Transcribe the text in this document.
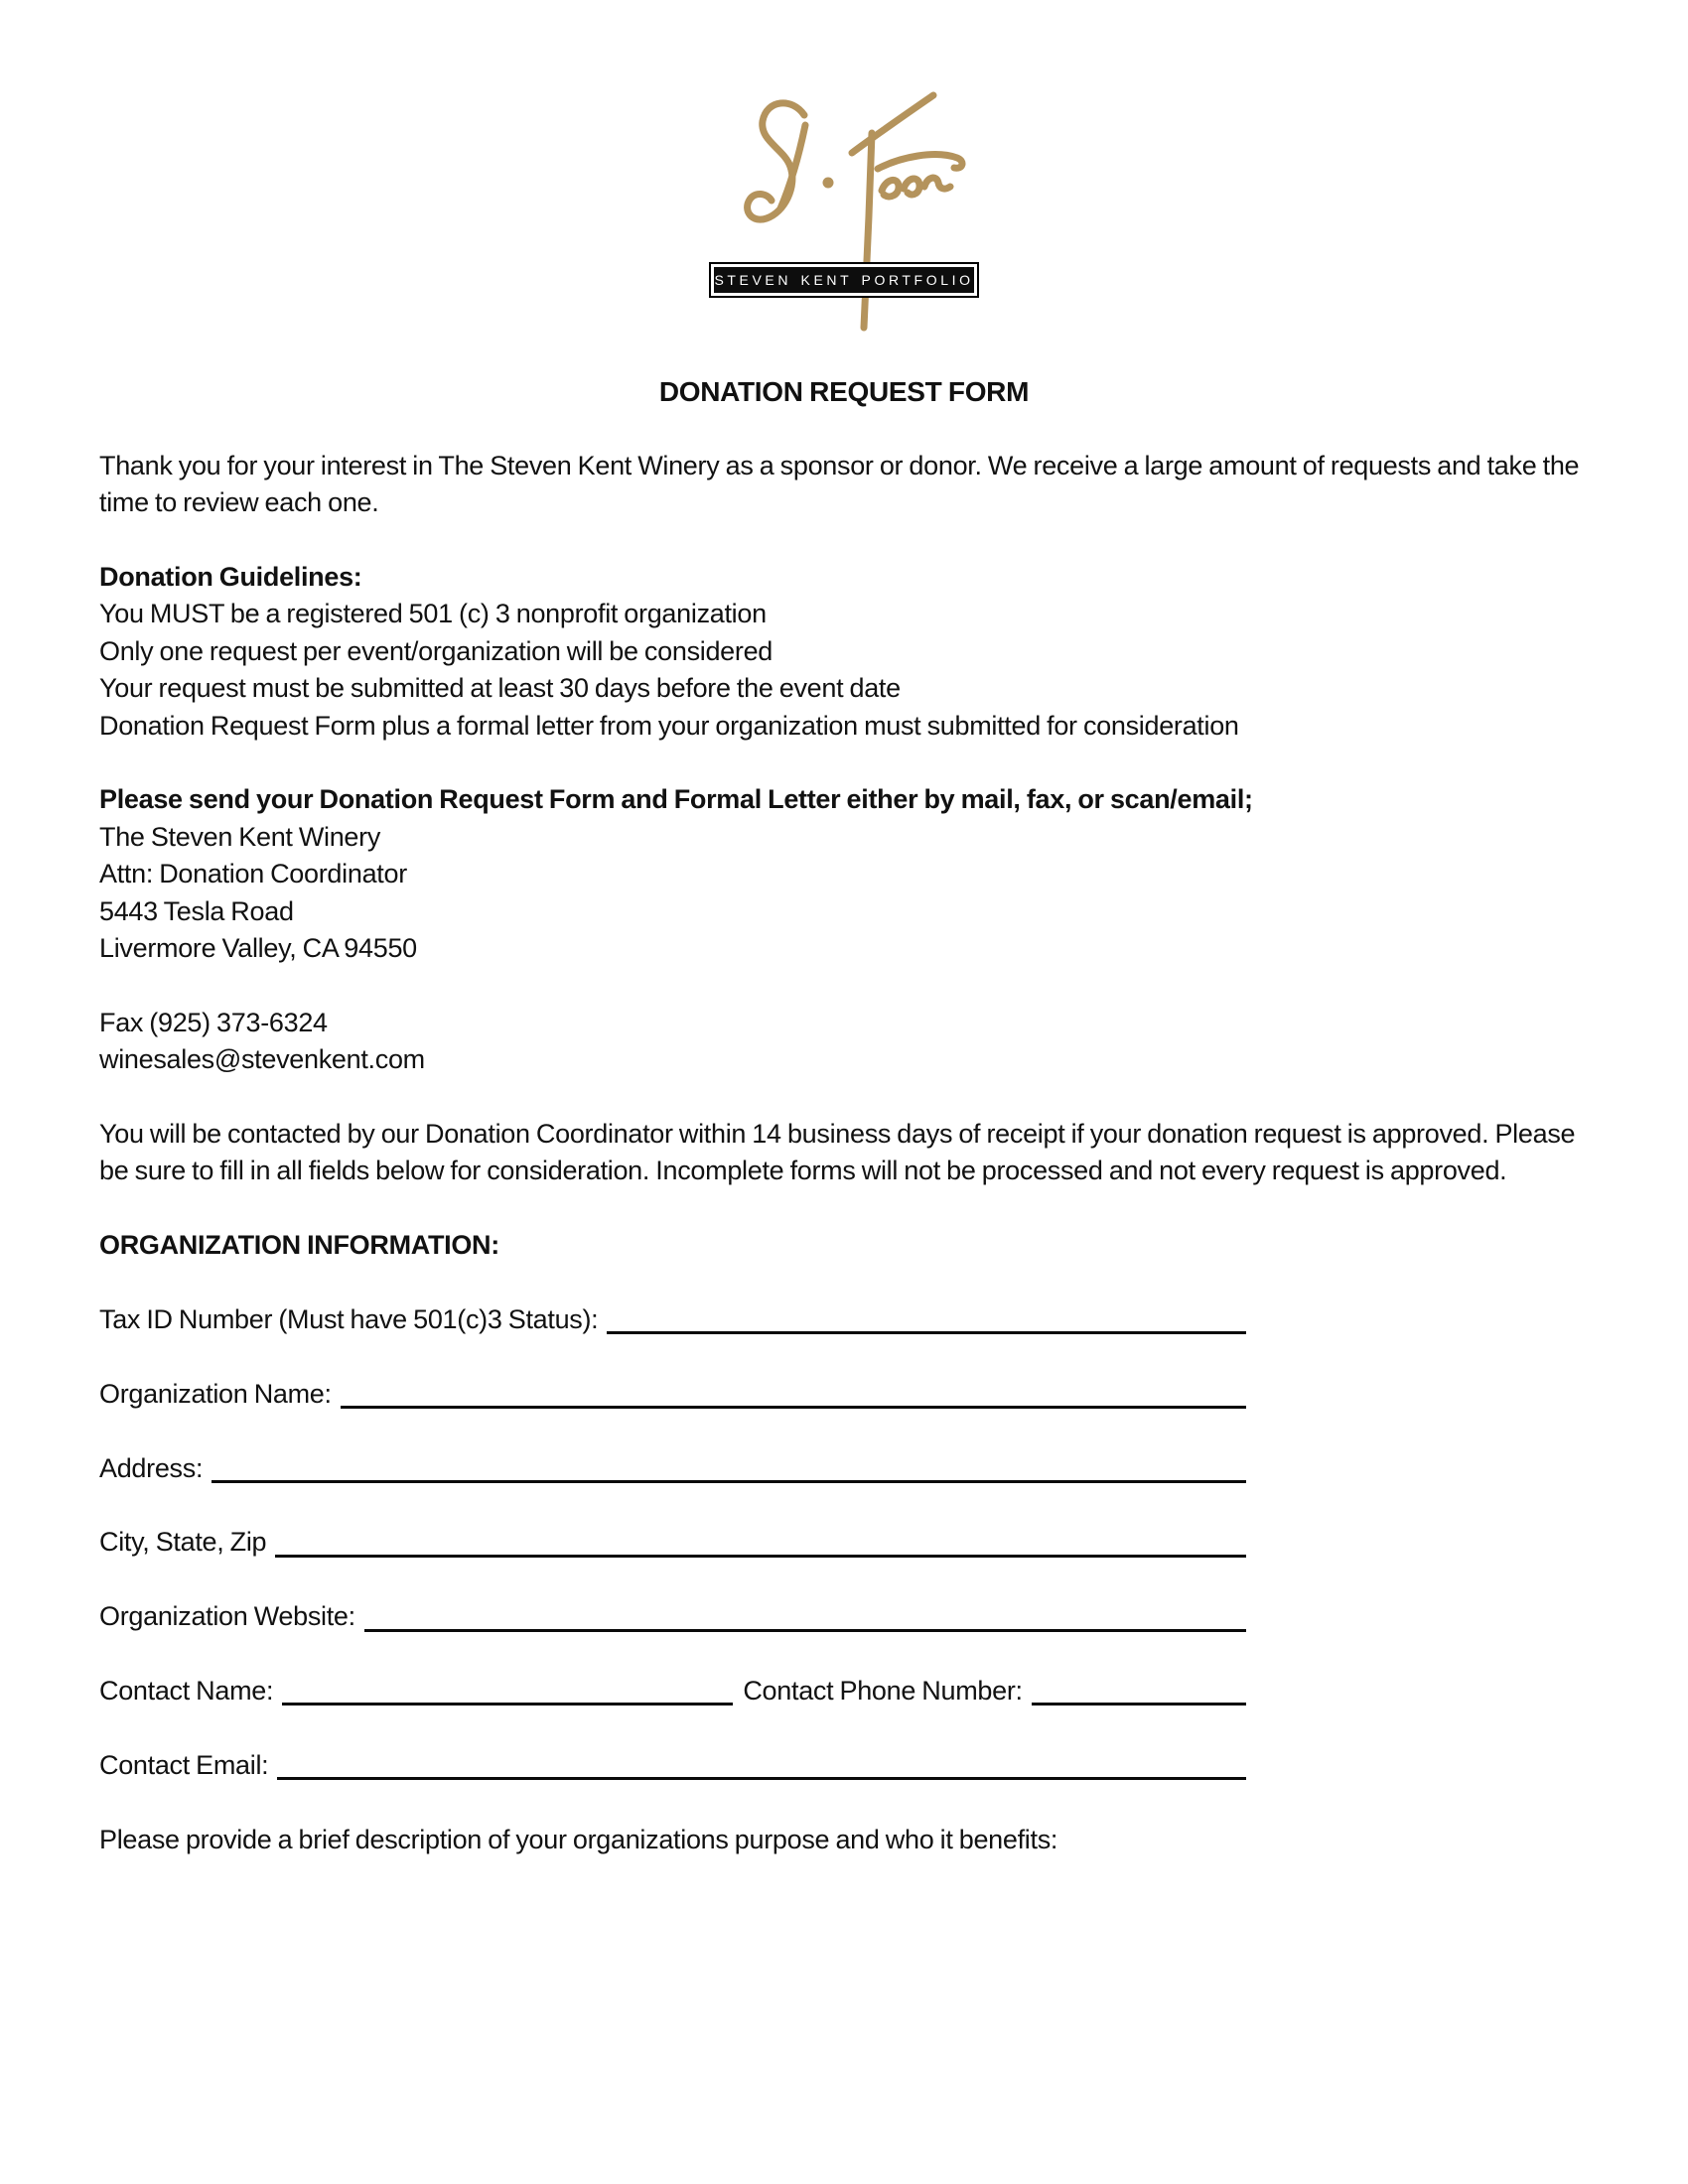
STEVEN KENT PORTFOLIO
DONATION REQUEST FORM

Thank you for your interest in The Steven Kent Winery as a sponsor or donor. We receive a large amount of requests and take the time to review each one.

Donation Guidelines:
You MUST be a registered 501 (c) 3 nonprofit organization
Only one request per event/organization will be considered
Your request must be submitted at least 30 days before the event date
Donation Request Form plus a formal letter from your organization must submitted for consideration
Please send your Donation Request Form and Formal Letter either by mail, fax, or scan/email;
The Steven Kent Winery
Attn: Donation Coordinator
5443 Tesla Road
Livermore Valley, CA 94550
Fax (925) 373-6324
winesales@stevenkent.com

You will be contacted by our Donation Coordinator within 14 business days of receipt if your donation request is approved. Please be sure to fill in all fields below for consideration. Incomplete forms will not be processed and not every request is approved.

ORGANIZATION INFORMATION:
Tax ID Number (Must have 501(c)3 Status):
Organization Name:
Address:
City, State, Zip
Organization Website:
Contact Name:	Contact Phone Number:
Contact Email:

Please provide a brief description of your organizations purpose and who it benefits:
